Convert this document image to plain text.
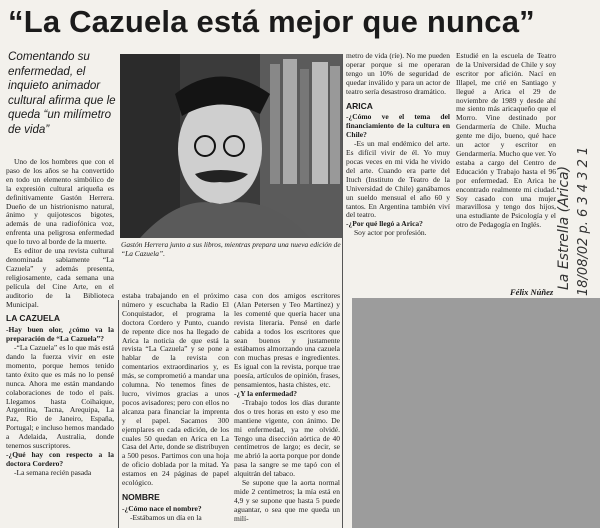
“La Cazuela está mejor que nunca”
Comentando su enfermedad, el inquieto animador cultural afirma que le queda “un milímetro de vida”
Gastón Herrera junto a sus libros, mientras prepara una nueva edición de “La Cazuela”.

Uno de los hombres que con el paso de los años se ha convertido en todo un elemento simbólico de la expresión cultural ariqueña es definitivamente Gastón Herrera. Dueño de un histrionismo natural, ánimo y quijotescos bigotes, además de una radiofónica voz, enfrenta una peligrosa enfermedad que lo tuvo al borde de la muerte.

Es editor de una revista cultural denominada sabiamente “La Cazuela” y además presenta, religiosamente, cada semana una película del Cine Arte, en el auditorio de la Biblioteca Municipal.

LA CAZUELA

-Hay buen olor, ¿cómo va la preparación de “La Cazuela”?

-“La Cazuela” es lo que más está dando la fuerza vivir en este momento, porque hemos tenido tanto éxito que es más no lo pensé nunca. Ahora me están mandando colaboraciones de todo el país. Llegamos hasta Coihaique, Argentina, Tacna, Arequipa, La Paz, Río de Janeiro, España, Portugal; e incluso hemos mandado a Adelaida, Australia, donde tenemos suscriptores.

-¿Qué hay con respecto a la doctora Cordero?

-La semana recién pasada

estaba trabajando en el próximo número y escuchaba la Radio El Conquistador, el programa la doctora Cordero y Punto, cuando de repente dice nos ha llegado de Arica la noticia de que está la revista “La Cazuela” y se pone a hablar de la revista con comentarios extraordinarios y, es más, se comprometió a mandar una columna. No tenemos fines de lucro, vivimos gracias a unos pocos avisadores; pero con ellos no alcanza para financiar la imprenta y el papel. Sacamos 300 ejemplares en cada edición, de los cuales 50 quedan en Arica en La Casa del Arte, donde se distribuyen a 500 pesos. Partimos con una hoja de oficio doblada por la mitad. Ya estamos en 24 páginas de papel ecológico.

NOMBRE

-¿Cómo nace el nombre?

-Estábamos un día en la

casa con dos amigos escritores (Alan Petersen y Teo Martínez) y les comenté que quería hacer una revista literaria. Pensé en darle cabida a todos los escritores que sean buenos y justamente estábamos almorzando una cazuela con muchas presas e ingredientes. Es igual con la revista, porque trae poesía, artículos de opinión, frases, pensamientos, hasta chistes, etc.

-¿Y la enfermedad?

-Trabajo todos los días durante dos o tres horas en esto y eso me mantiene vigente, con ánimo. De mi enfermedad, ya me olvidé. Tengo una disección aórtica de 40 centímetros de largo; es decir, se me abrió la aorta porque por donde pasa la sangre se me tapó con el alquitrán del tabaco.

Se supone que la aorta normal mide 2 centímetros; la mía está en 4,9 y se supone que hasta 5 puede aguantar, o sea que me queda un milí-

metro de vida (ríe). No me pueden operar porque si me operaran tengo un 10% de seguridad de quedar inválido y para un actor de teatro sería desastroso dramático.

ARICA

-¿Cómo ve el tema del financiamiento de la cultura en Chile?

-Es un mal endémico del arte. Es difícil vivir de él. Yo muy pocas veces en mi vida he vivido del arte. Cuando era parte del Ituch (Instituto de Teatro de la Universidad de Chile) ganábamos un sueldo mensual el año 60 y tantos. En Argentina también viví del teatro.

-¿Por qué llegó a Arica?

Soy actor por profesión.

Estudié en la escuela de Teatro de la Universidad de Chile y soy escritor por afición. Nací en Illapel, me crié en Santiago y llegué a Arica el 29 de noviembre de 1989 y desde ahí me siento más aricaqueño que el Morro. Vine destinado por Gendarmería de Chile. Mucha gente me dijo, bueno, qué hace un actor y escritor en Gendarmería. Mucho que ver. Yo estaba a cargo del Centro de Educación y Trabajo hasta el 96 por enfermedad. En Arica he encontrado realmente mi ciudad. Soy casado con una mujer maravillosa y tengo dos hijos, una estudiante de Psicología y el otro de Pedagogía en Inglés.

Félix Núñez
La Estrella (Arica) 18/08/02 p. 6 3 4 3 2 1
